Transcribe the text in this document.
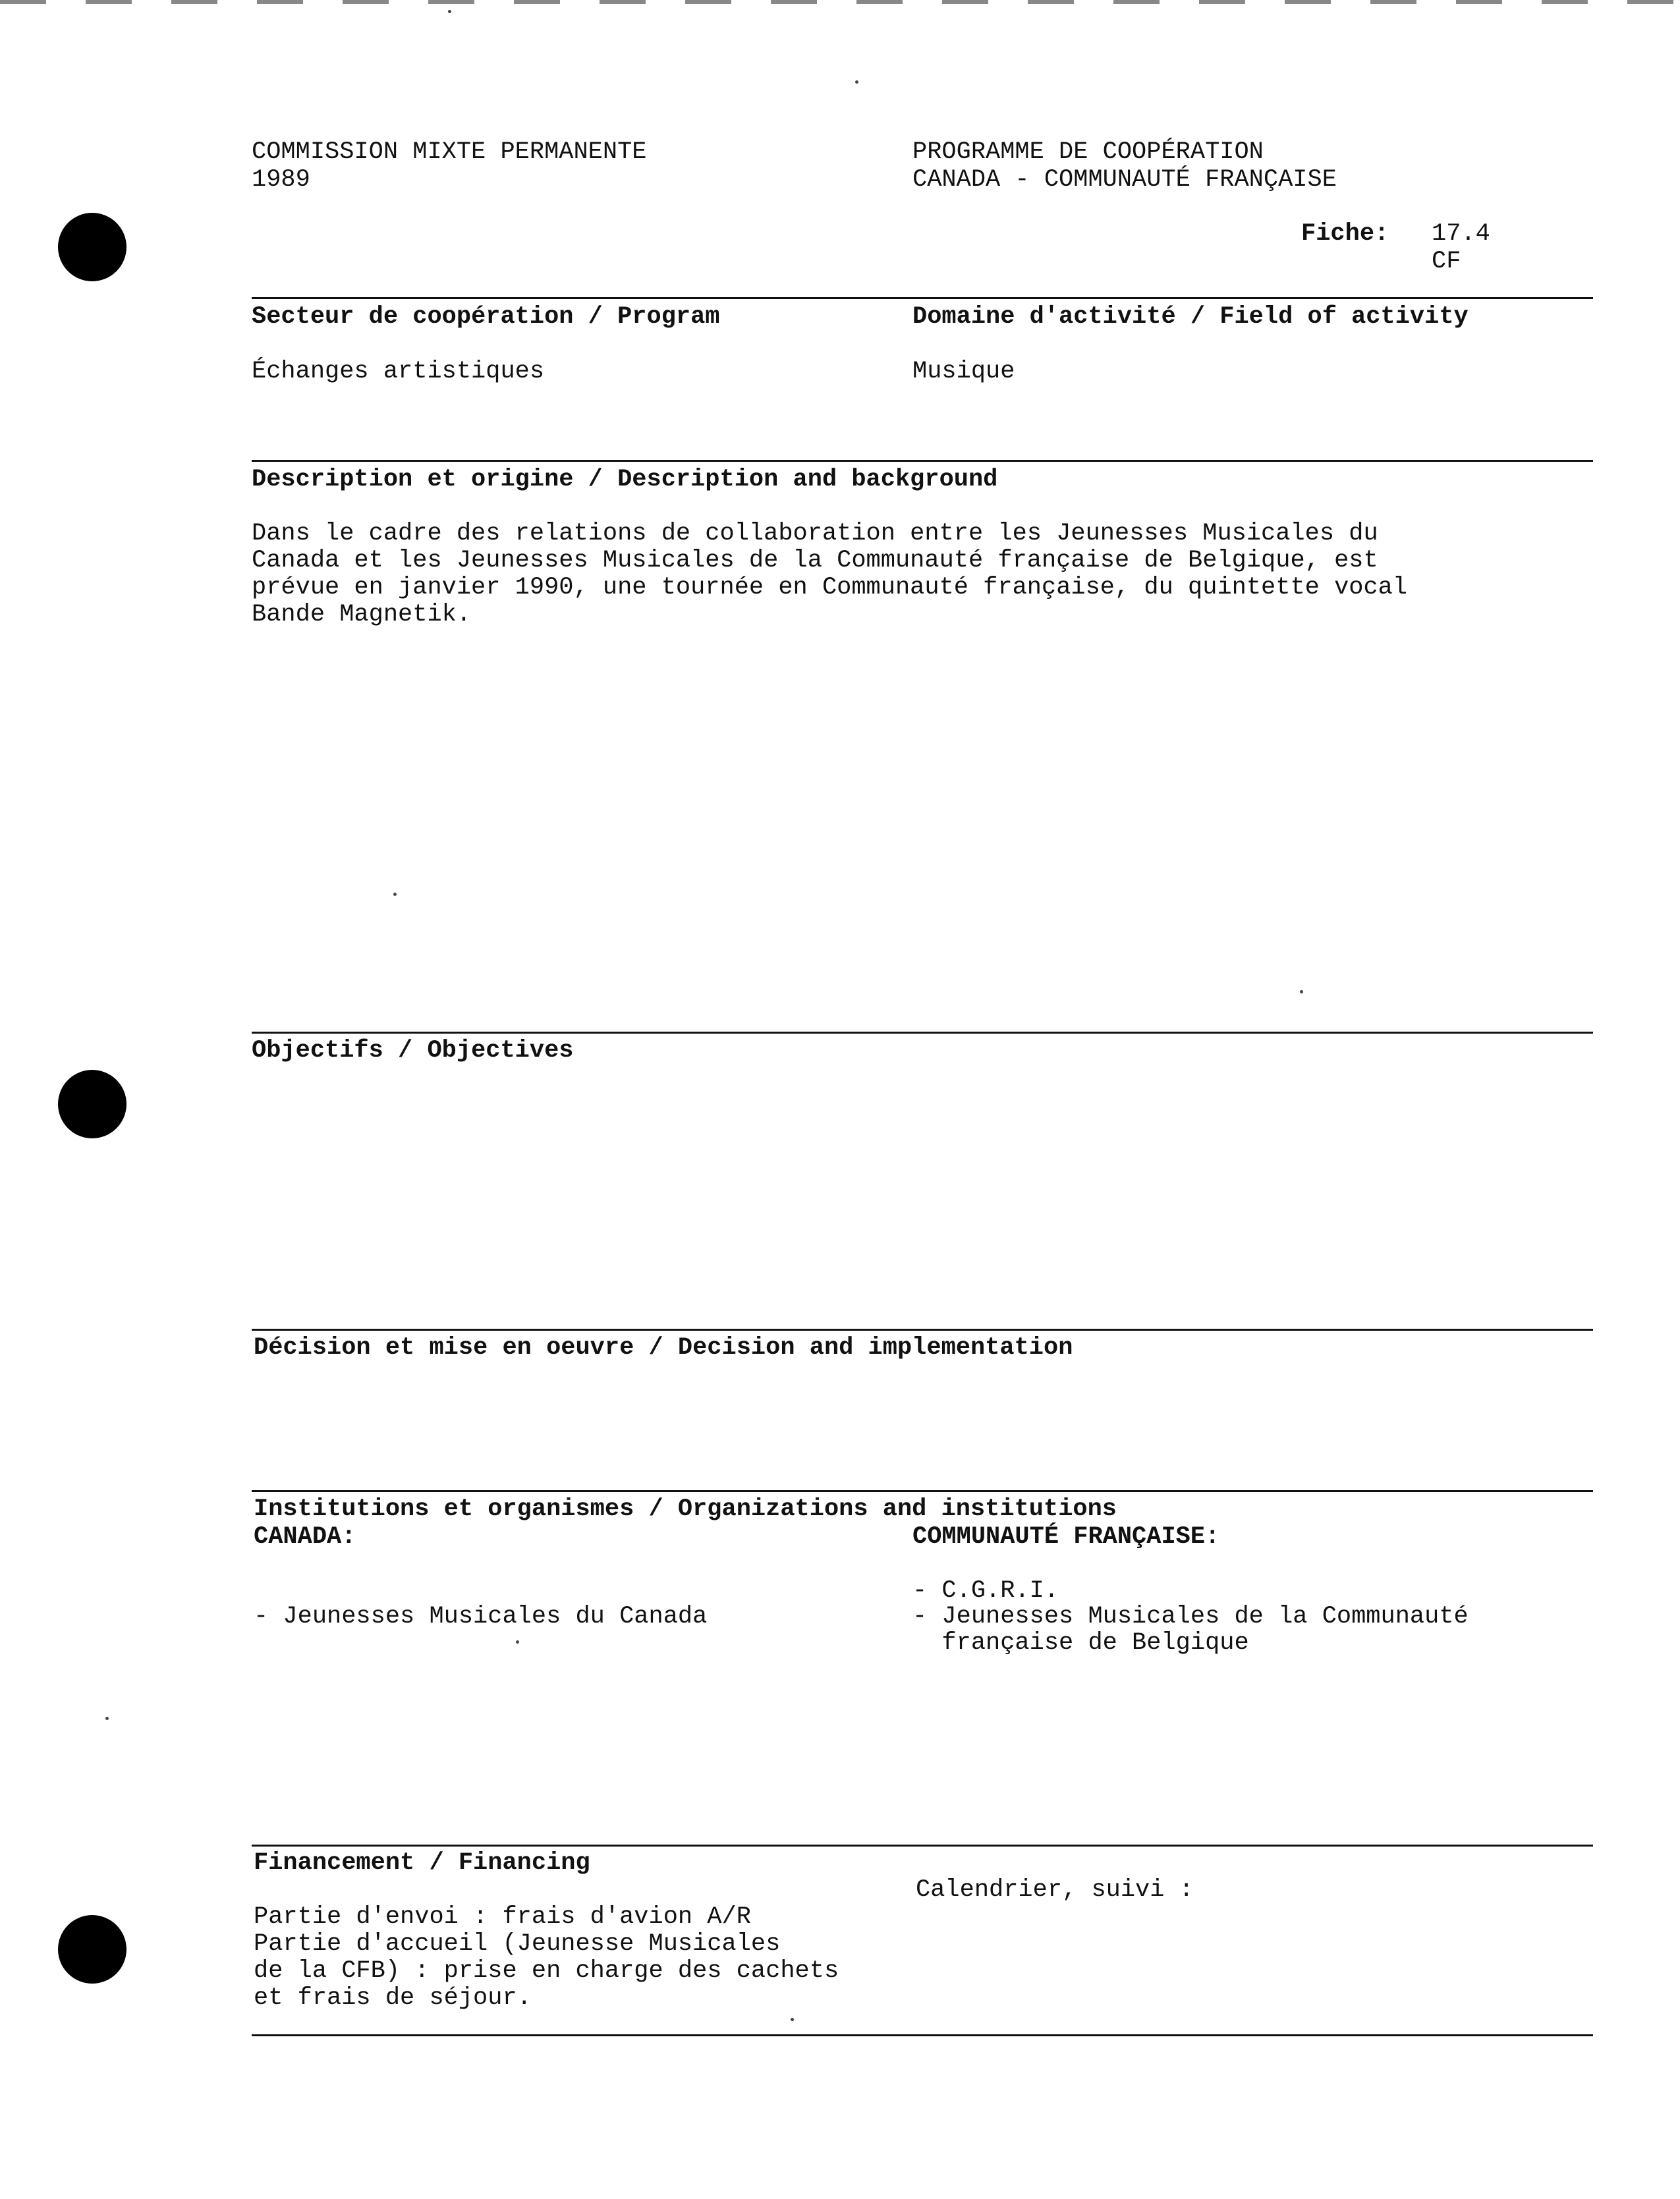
COMMISSION MIXTE PERMANENTE
1989
PROGRAMME DE COOPÉRATION
CANADA - COMMUNAUTÉ FRANÇAISE
Fiche: 17.4
CF
Secteur de coopération / Program
Échanges artistiques
Domaine d'activité / Field of activity
Musique
Description et origine / Description and background
Dans le cadre des relations de collaboration entre les Jeunesses Musicales du
Canada et les Jeunesses Musicales de la Communauté française de Belgique, est
prévue en janvier 1990, une tournée en Communauté française, du quintette vocal
Bande Magnetik.
Objectifs / Objectives
Décision et mise en oeuvre / Decision and implementation
Institutions et organismes / Organizations and institutions
CANADA:
- Jeunesses Musicales du Canada
COMMUNAUTÉ FRANÇAISE:
- C.G.R.I.
- Jeunesses Musicales de la Communauté
française de Belgique
Financement / Financing
Calendrier, suivi :
Partie d'envoi : frais d'avion A/R
Partie d'accueil (Jeunesse Musicales
de la CFB) : prise en charge des cachets
et frais de séjour.
